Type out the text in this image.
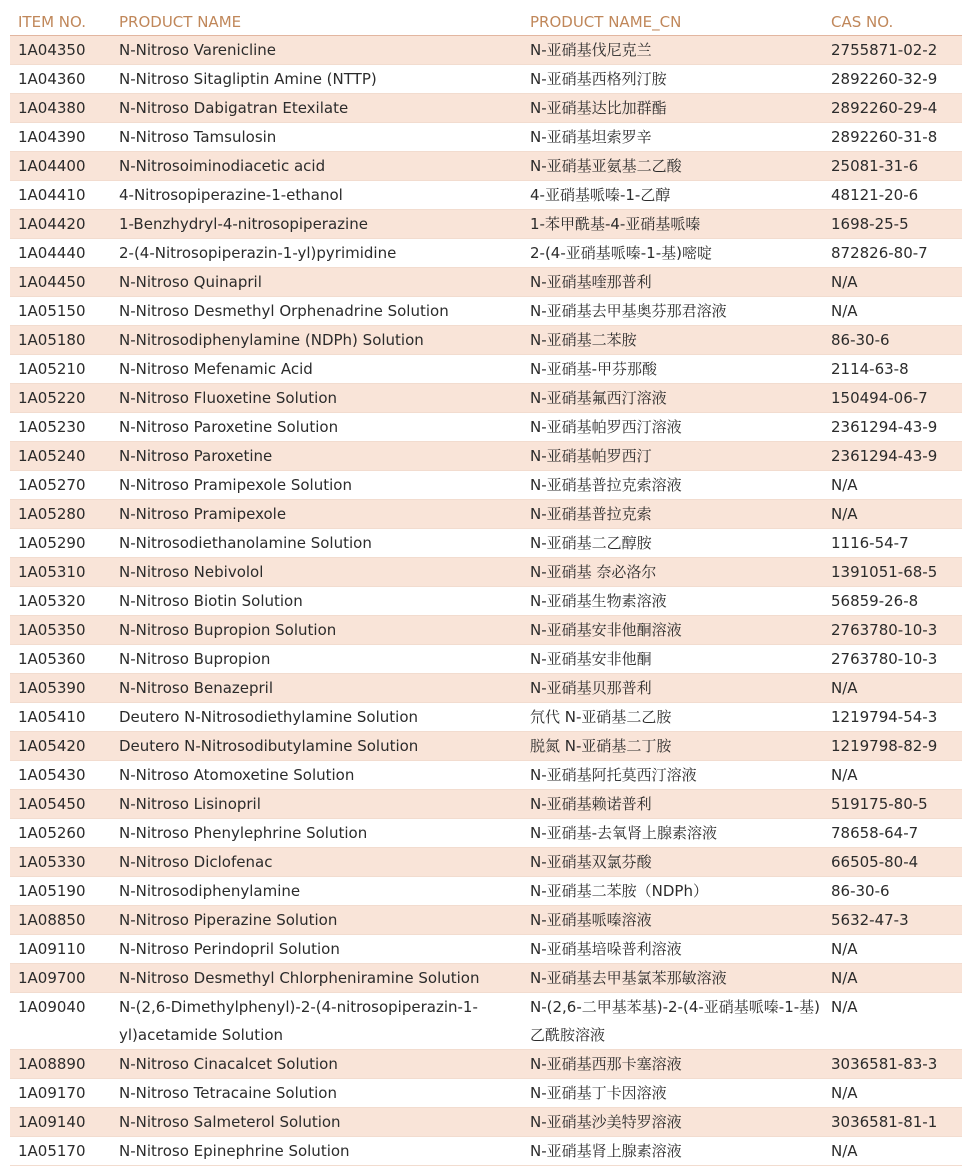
ITEM NO.	PRODUCT NAME	PRODUCT NAME_CN	CAS NO.
1A04350	N-Nitroso Varenicline	N-亚硝基伐尼克兰	2755871-02-2
1A04360	N-Nitroso Sitagliptin Amine (NTTP)	N-亚硝基西格列汀胺	2892260-32-9
1A04380	N-Nitroso Dabigatran Etexilate	N-亚硝基达比加群酯	2892260-29-4
1A04390	N-Nitroso Tamsulosin	N-亚硝基坦索罗辛	2892260-31-8
1A04400	N-Nitrosoiminodiacetic acid	N-亚硝基亚氨基二乙酸	25081-31-6
1A04410	4-Nitrosopiperazine-1-ethanol	4-亚硝基哌嗪-1-乙醇	48121-20-6
1A04420	1-Benzhydryl-4-nitrosopiperazine	1-苯甲酰基-4-亚硝基哌嗪	1698-25-5
1A04440	2-(4-Nitrosopiperazin-1-yl)pyrimidine	2-(4-亚硝基哌嗪-1-基)嘧啶	872826-80-7
1A04450	N-Nitroso Quinapril	N-亚硝基喹那普利	N/A
1A05150	N-Nitroso Desmethyl Orphenadrine Solution	N-亚硝基去甲基奥芬那君溶液	N/A
1A05180	N-Nitrosodiphenylamine (NDPh) Solution	N-亚硝基二苯胺	86-30-6
1A05210	N-Nitroso Mefenamic Acid	N-亚硝基-甲芬那酸	2114-63-8
1A05220	N-Nitroso Fluoxetine Solution	N-亚硝基氟西汀溶液	150494-06-7
1A05230	N-Nitroso Paroxetine Solution	N-亚硝基帕罗西汀溶液	2361294-43-9
1A05240	N-Nitroso Paroxetine	N-亚硝基帕罗西汀	2361294-43-9
1A05270	N-Nitroso Pramipexole Solution	N-亚硝基普拉克索溶液	N/A
1A05280	N-Nitroso Pramipexole	N-亚硝基普拉克索	N/A
1A05290	N-Nitrosodiethanolamine Solution	N-亚硝基二乙醇胺	1116-54-7
1A05310	N-Nitroso Nebivolol	N-亚硝基 奈必洛尔	1391051-68-5
1A05320	N-Nitroso Biotin Solution	N-亚硝基生物素溶液	56859-26-8
1A05350	N-Nitroso Bupropion Solution	N-亚硝基安非他酮溶液	2763780-10-3
1A05360	N-Nitroso Bupropion	N-亚硝基安非他酮	2763780-10-3
1A05390	N-Nitroso Benazepril	N-亚硝基贝那普利	N/A
1A05410	Deutero N-Nitrosodiethylamine Solution	氘代 N-亚硝基二乙胺	1219794-54-3
1A05420	Deutero N-Nitrosodibutylamine Solution	脱氮 N-亚硝基二丁胺	1219798-82-9
1A05430	N-Nitroso Atomoxetine Solution	N-亚硝基阿托莫西汀溶液	N/A
1A05450	N-Nitroso Lisinopril	N-亚硝基赖诺普利	519175-80-5
1A05260	N-Nitroso Phenylephrine Solution	N-亚硝基-去氧肾上腺素溶液	78658-64-7
1A05330	N-Nitroso Diclofenac	N-亚硝基双氯芬酸	66505-80-4
1A05190	N-Nitrosodiphenylamine	N-亚硝基二苯胺（NDPh）	86-30-6
1A08850	N-Nitroso Piperazine Solution	N-亚硝基哌嗪溶液	5632-47-3
1A09110	N-Nitroso Perindopril Solution	N-亚硝基培哚普利溶液	N/A
1A09700	N-Nitroso Desmethyl Chlorpheniramine Solution	N-亚硝基去甲基氯苯那敏溶液	N/A
1A09040	N-(2,6-Dimethylphenyl)-2-(4-nitrosopiperazin-1-yl)acetamide Solution	N-(2,6-二甲基苯基)-2-(4-亚硝基哌嗪-1-基)乙酰胺溶液	N/A
1A08890	N-Nitroso Cinacalcet Solution	N-亚硝基西那卡塞溶液	3036581-83-3
1A09170	N-Nitroso Tetracaine Solution	N-亚硝基丁卡因溶液	N/A
1A09140	N-Nitroso Salmeterol Solution	N-亚硝基沙美特罗溶液	3036581-81-1
1A05170	N-Nitroso Epinephrine Solution	N-亚硝基肾上腺素溶液	N/A
